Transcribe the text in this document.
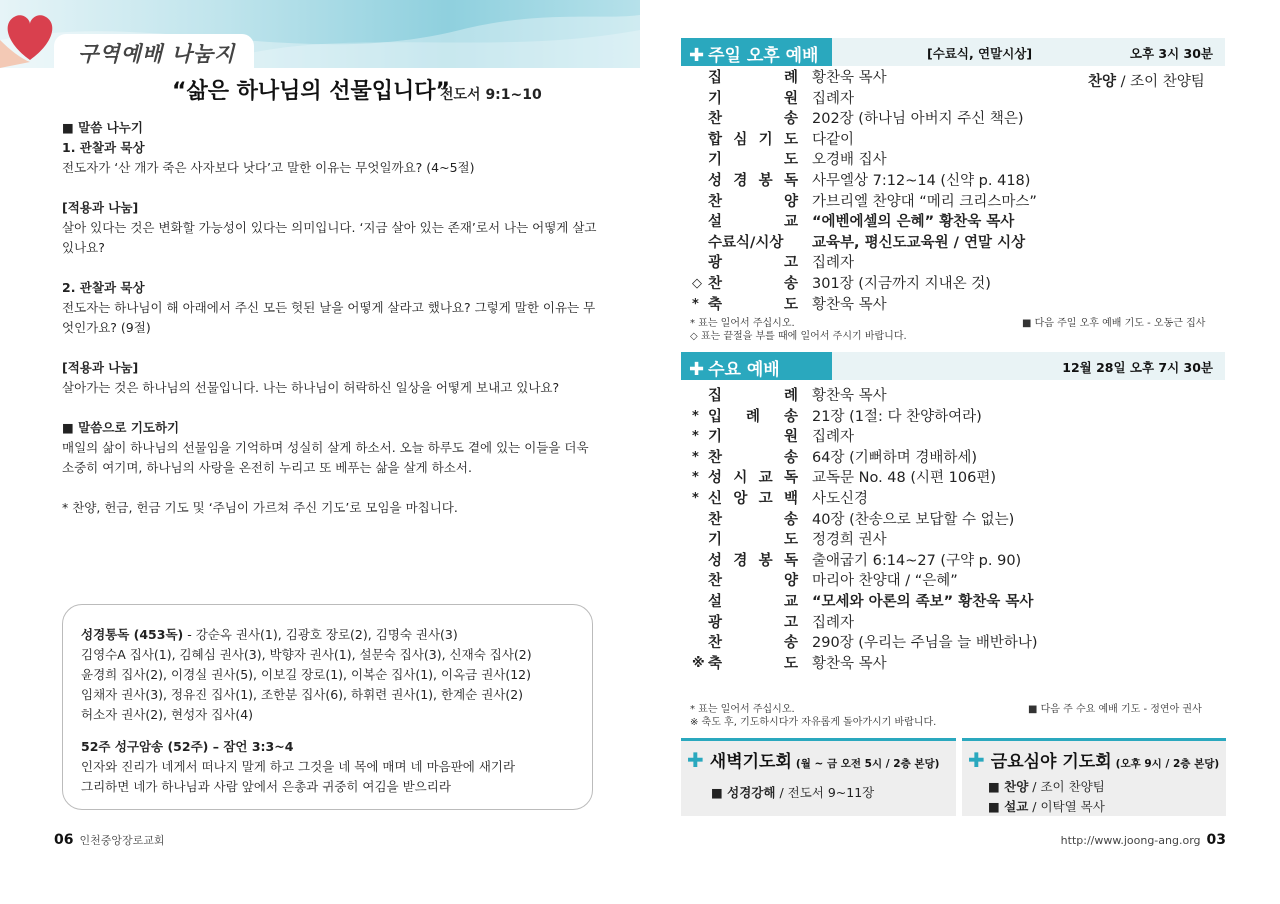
구역예배 나눔지
“삶은 하나님의 선물입니다”
전도서 9:1~10

■ 말씀 나누기

1. 관찰과 묵상

전도자가 ‘산 개가 죽은 사자보다 낫다’고 말한 이유는 무엇일까요? (4~5절)

[적용과 나눔]

살아 있다는 것은 변화할 가능성이 있다는 의미입니다. ‘지금 살아 있는 존재’로서 나는 어떻게 살고 있나요?

2. 관찰과 묵상

전도자는 하나님이 해 아래에서 주신 모든 헛된 날을 어떻게 살라고 했나요? 그렇게 말한 이유는 무엇인가요? (9절)

[적용과 나눔]

살아가는 것은 하나님의 선물입니다. 나는 하나님이 허락하신 일상을 어떻게 보내고 있나요?

■ 말씀으로 기도하기

매일의 삶이 하나님의 선물임을 기억하며 성실히 살게 하소서. 오늘 하루도 곁에 있는 이들을 더욱 소중히 여기며, 하나님의 사랑을 온전히 누리고 또 베푸는 삶을 살게 하소서.

* 찬양, 헌금, 헌금 기도 및 ‘주님이 가르쳐 주신 기도’로 모임을 마칩니다.

성경통독 (453독) - 강순옥 권사(1), 김광호 장로(2), 김명숙 권사(3)

김영수A 집사(1), 김혜심 권사(3), 박향자 권사(1), 설문숙 집사(3), 신재숙 집사(2)

윤경희 집사(2), 이경실 권사(5), 이보길 장로(1), 이복순 집사(1), 이옥금 권사(12)

임채자 권사(3), 정유진 집사(1), 조한분 집사(6), 하휘련 권사(1), 한계순 권사(2)

허소자 권사(2), 현성자 집사(4)

52주 성구암송 (52주) – 잠언 3:3~4

인자와 진리가 네게서 떠나지 말게 하고 그것을 네 목에 매며 네 마음판에 새기라

그리하면 네가 하나님과 사람 앞에서 은총과 귀중히 여김을 받으리라

06 인천중앙장로교회
✚ 주일 오후 예배	[수료식, 연말시상]	오후 3시 30분
찬양 / 조이 찬양팀
집	례 황찬욱 목사
기	원 집례자
찬	송 202장 (하나님 아버지 주신 책은)
합 심 기 도 다같이
기	도 오경배 집사
성 경 봉 독 사무엘상 7:12~14 (신약 p. 418)
찬	양 가브리엘 찬양대 “메리 크리스마스”
설	교 “에벤에셀의 은혜” 황찬욱 목사
수료식/시상	교육부, 평신도교육원 / 연말 시상
광	고 집례자
◇ 찬	송 301장 (지금까지 지내온 것)
* 축	도 황찬욱 목사
* 표는 일어서 주십시오.
◇ 표는 끝절을 부를 때에 일어서 주시기 바랍니다.
■ 다음 주일 오후 예배 기도 - 오동근 집사
✚ 수요 예배	12월 28일 오후 7시 30분
집	례 황찬욱 목사
* 입 례 송 21장 (1절: 다 찬양하여라)
* 기	원 집례자
* 찬	송 64장 (기뻐하며 경배하세)
* 성 시 교 독 교독문 No. 48 (시편 106편)
* 신 앙 고 백 사도신경
찬	송 40장 (찬송으로 보답할 수 없는)
기	도 정경희 권사
성 경 봉 독 출애굽기 6:14~27 (구약 p. 90)
찬	양 마리아 찬양대 / “은혜”
설	교 “모세와 아론의 족보” 황찬욱 목사
광	고 집례자
찬	송 290장 (우리는 주님을 늘 배반하나)
※ 축	도 황찬욱 목사
* 표는 일어서 주십시오.
※ 축도 후, 기도하시다가 자유롭게 돌아가시기 바랍니다.
■ 다음 주 수요 예배 기도 - 정연아 권사
✚ 새벽기도회 (월 ~ 금 오전 5시 / 2층 본당)
■ 성경강해 / 전도서 9~11장
✚ 금요심야 기도회 (오후 9시 / 2층 본당)
■ 찬양 / 조이 찬양팀
■ 설교 / 이탁열 목사
http://www.joong-ang.org 03
